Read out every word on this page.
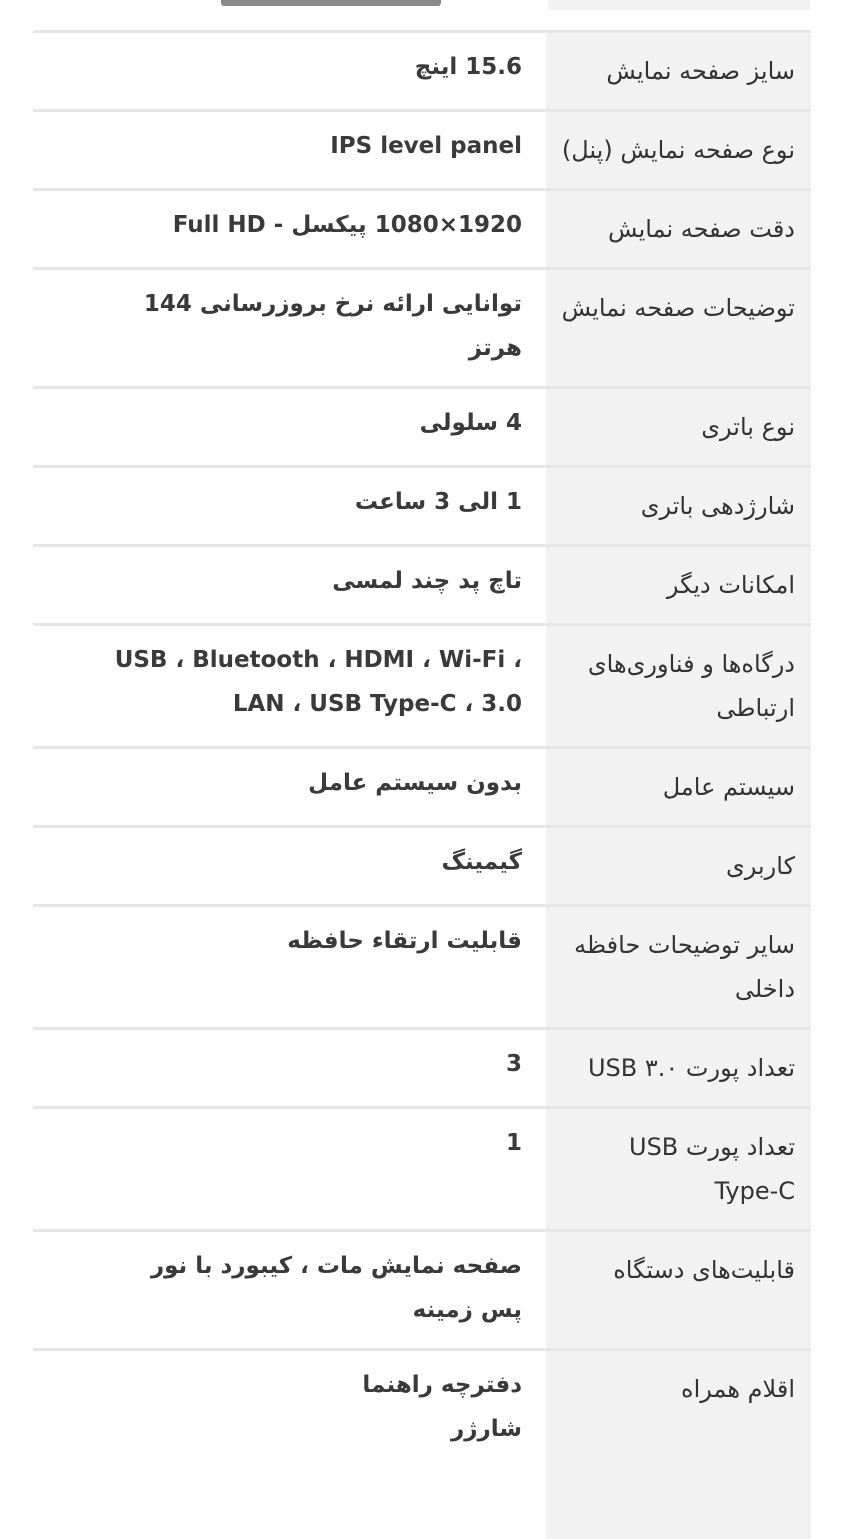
سایز صفحه نمایش
15.6 اینچ
نوع صفحه نمایش (پنل)
IPS level panel
دقت صفحه نمایش
1920×1080 پیکسل - Full HD
توضیحات صفحه نمایش
توانایی ارائه نرخ بروزرسانی 144 هرتز
نوع باتری
4 سلولی
شارژدهی باتری
1 الی 3 ساعت
امکانات دیگر
تاچ پد چند لمسی
درگاه‌ها و فناوری‌های ارتباطی
USB ، Bluetooth ، HDMI ، Wi-Fi ، LAN ، USB Type-C ، 3.0
سیستم عامل
بدون سیستم عامل
کاربری
گیمینگ
سایر توضیحات حافظه داخلی
قابلیت ارتقاء حافظه
تعداد پورت USB ۳.۰
3
تعداد پورت USB Type-C
1
قابلیت‌های دستگاه
صفحه نمایش مات ، کیبورد با نور پس زمینه
اقلام همراه
دفترچه راهنما
شارژر
